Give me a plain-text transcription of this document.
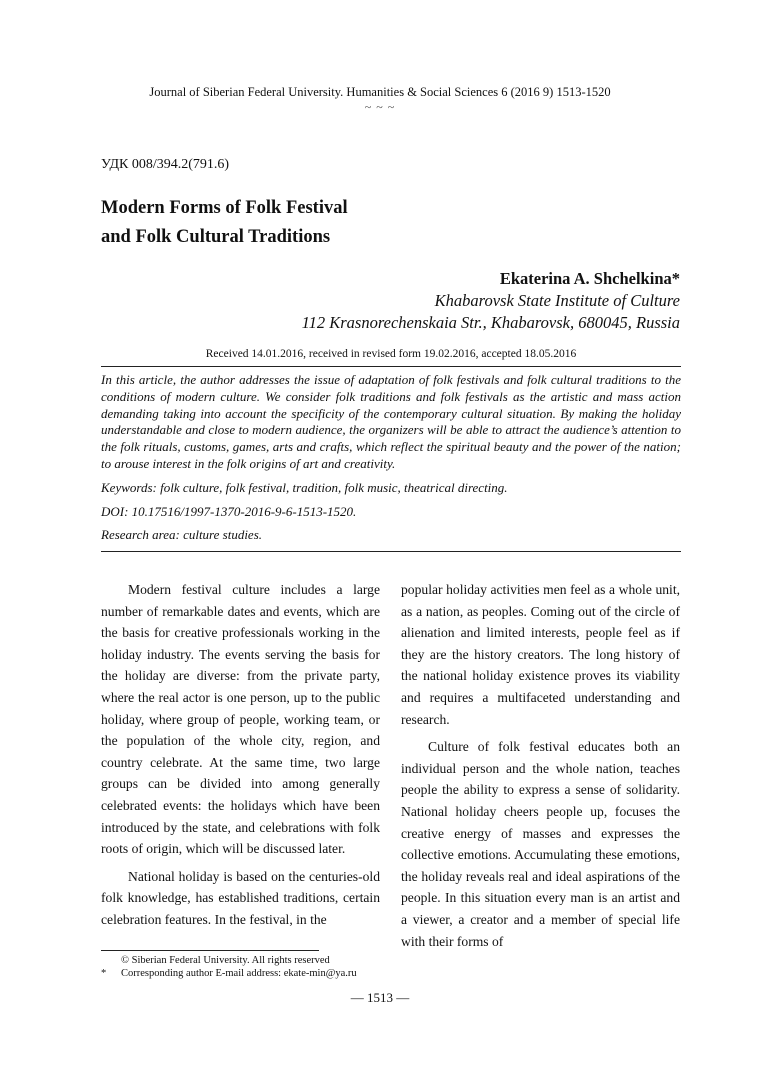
Journal of Siberian Federal University. Humanities & Social Sciences 6 (2016 9) 1513-1520
~ ~ ~
УДК 008/394.2(791.6)
Modern Forms of Folk Festival
and Folk Cultural Traditions
Ekaterina A. Shchelkina*
Khabarovsk State Institute of Culture
112 Krasnorechenskaia Str., Khabarovsk, 680045, Russia
Received 14.01.2016, received in revised form 19.02.2016, accepted 18.05.2016

In this article, the author addresses the issue of adaptation of folk festivals and folk cultural traditions to the conditions of modern culture. We consider folk traditions and folk festivals as the artistic and mass action demanding taking into account the specificity of the contemporary cultural situation. By making the holiday understandable and close to modern audience, the organizers will be able to attract the audience’s attention to the folk rituals, customs, games, arts and crafts, which reflect the spiritual beauty and the power of the nation; to arouse interest in the folk origins of art and creativity.

Keywords: folk culture, folk festival, tradition, folk music, theatrical directing.

DOI: 10.17516/1997-1370-2016-9-6-1513-1520.

Research area: culture studies.

Modern festival culture includes a large number of remarkable dates and events, which are the basis for creative professionals working in the holiday industry. The events serving the basis for the holiday are diverse: from the private party, where the real actor is one person, up to the public holiday, where group of people, working team, or the population of the whole city, region, and country celebrate. At the same time, two large groups can be divided into among generally celebrated events: the holidays which have been introduced by the state, and celebrations with folk roots of origin, which will be discussed later.

National holiday is based on the centuries-old folk knowledge, has established traditions, certain celebration features. In the festival, in the

popular holiday activities men feel as a whole unit, as a nation, as peoples. Coming out of the circle of alienation and limited interests, people feel as if they are the history creators. The long history of the national holiday existence proves its viability and requires a multifaceted understanding and research.

Culture of folk festival educates both an individual person and the whole nation, teaches people the ability to express a sense of solidarity. National holiday cheers people up, focuses the creative energy of masses and expresses the collective emotions. Accumulating these emotions, the holiday reveals real and ideal aspirations of the people. In this situation every man is an artist and a viewer, a creator and a member of special life with their forms of

© Siberian Federal University. All rights reserved
* Corresponding author E-mail address: ekate-min@ya.ru
— 1513 —
